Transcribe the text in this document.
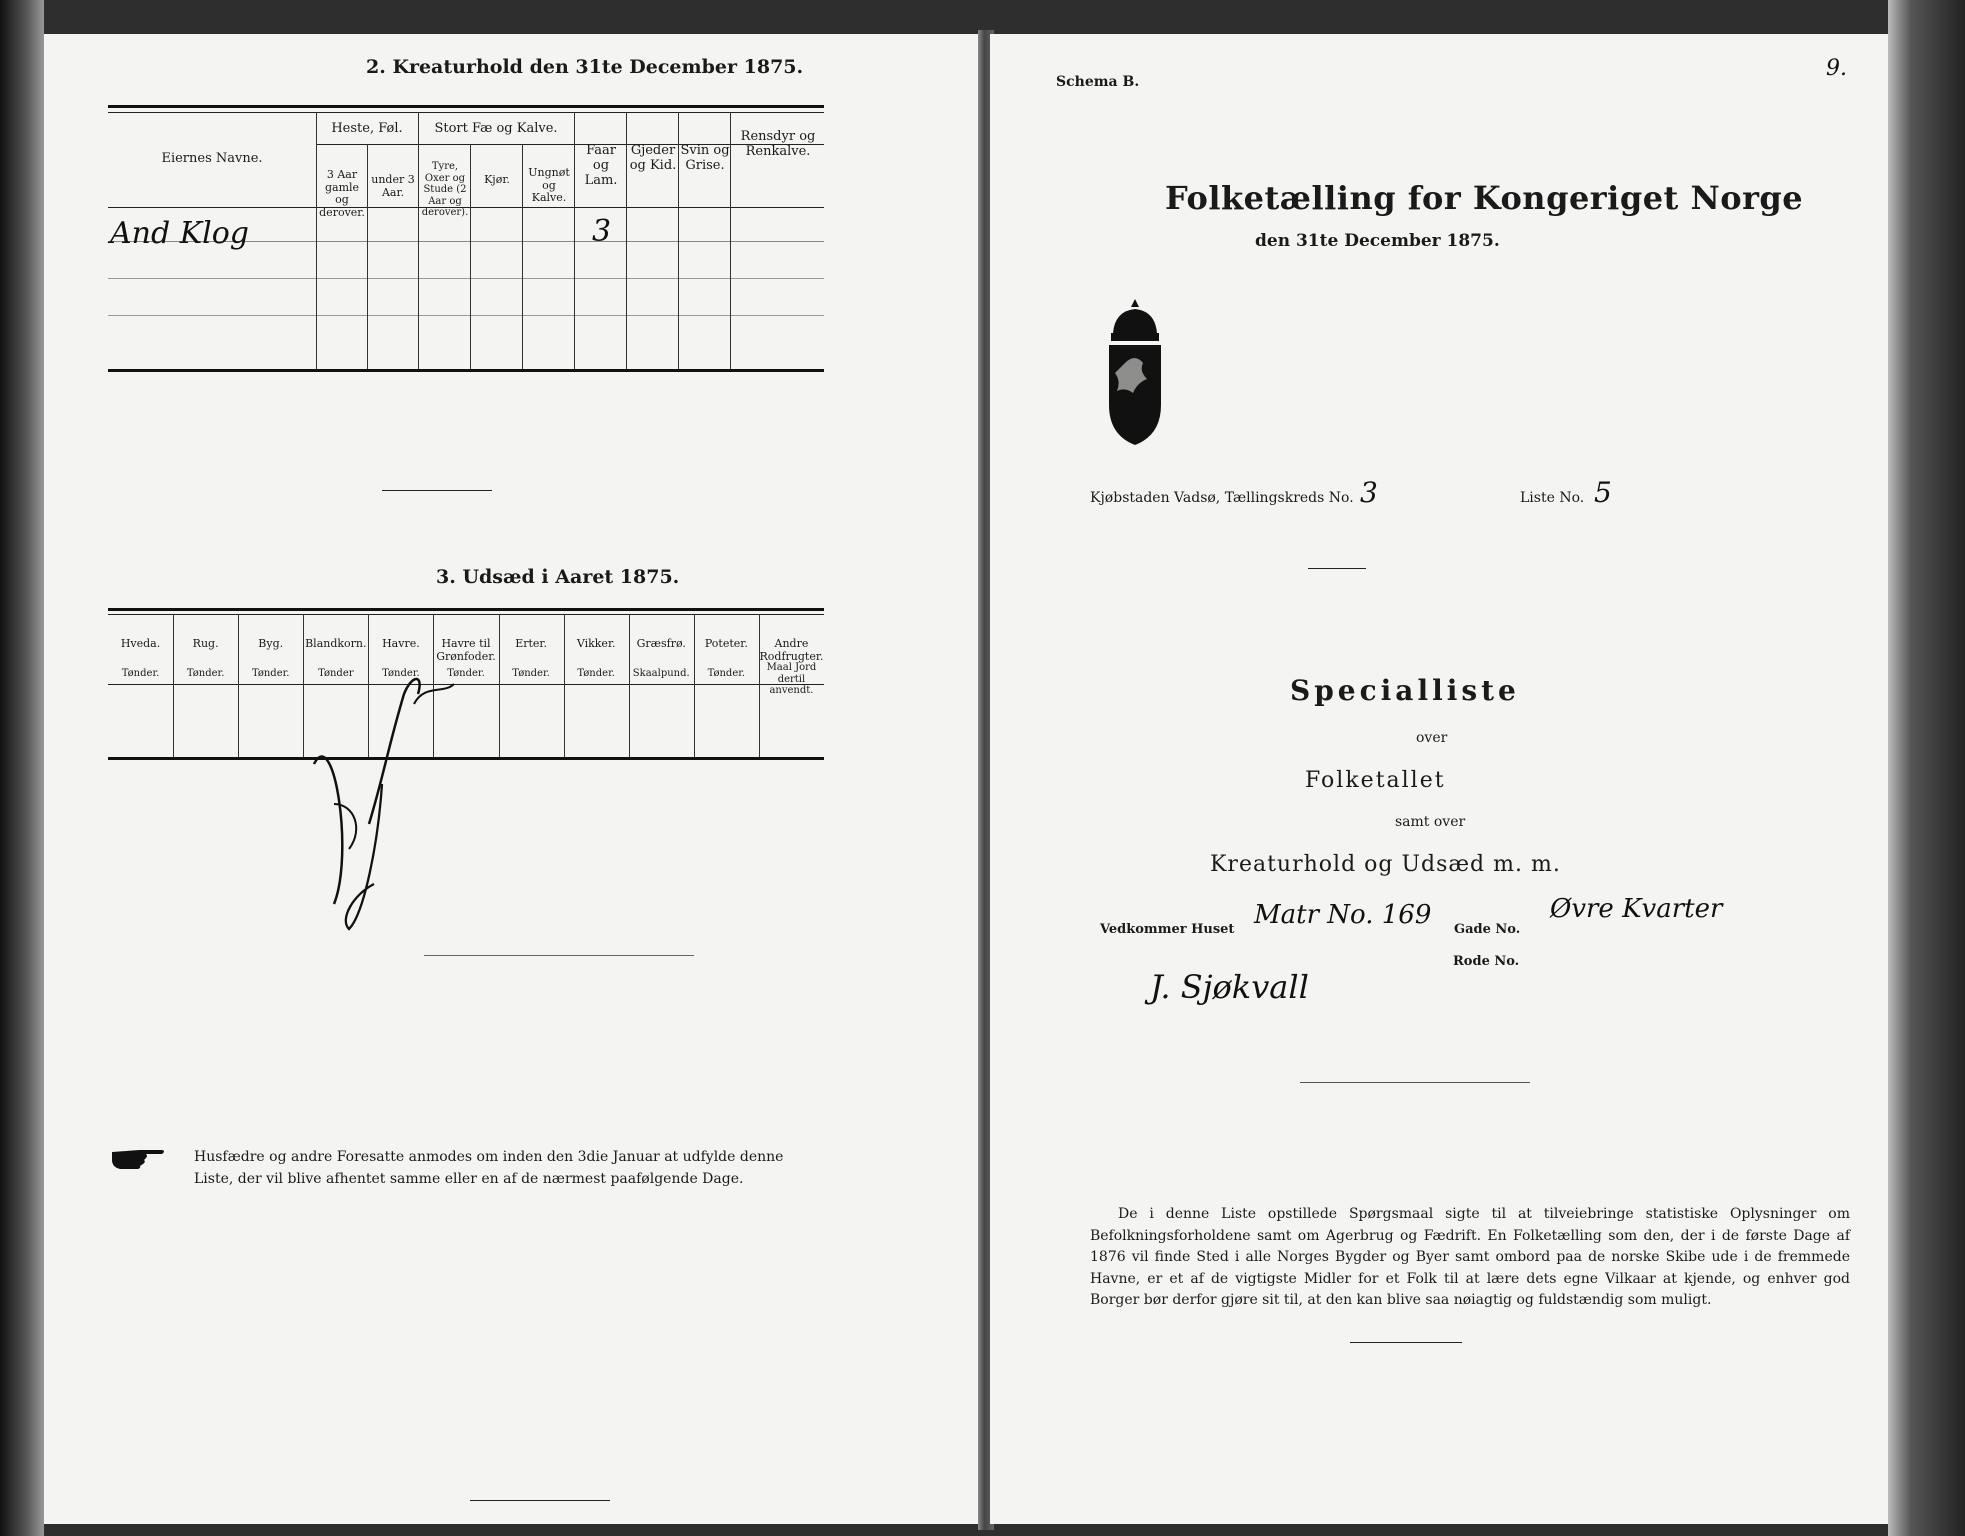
2. Kreaturhold den 31te December 1875.
Eiernes Navne.
Heste, Føl.
3 Aar gamle og derover.
under 3 Aar.
Stort Fæ og Kalve.
Tyre, Oxer og Stude (2 Aar og derover).
Kjør.
Ungnøt og Kalve.
Faar og Lam.
Gjeder og Kid.
Svin og Grise.
Rensdyr og Renkalve.
And Klog	3
3. Udsæd i Aaret 1875.
Hveda.
Tønder.
Rug.
Tønder.
Byg.
Tønder.
Blandkorn.
Tønder
Havre.
Tønder.
Havre til Grønfoder.
Tønder.
Erter.
Tønder.
Vikker.
Tønder.
Græsfrø.
Skaalpund.
Poteter.
Tønder.
Andre Rodfrugter.
Maal Jord dertil anvendt.
Husfædre og andre Foresatte anmodes om inden den 3die Januar at udfylde denne Liste, der vil blive afhentet samme eller en af de nærmest paafølgende Dage.
Schema B.
9.
Folketælling for Kongeriget Norge
den 31te December 1875.
Kjøbstaden Vadsø, Tællingskreds No. 3	Liste No. 5
Specialliste
over
Folketallet
samt over
Kreaturhold og Udsæd m. m.
Vedkommer Huset Matr No. 169 Gade No.
Øvre Kvarter
Rode No.
J. Sjøkvall
De i denne Liste opstillede Spørgsmaal sigte til at tilveiebringe statistiske Oplysninger om Befolkningsforholdene samt om Agerbrug og Fædrift. En Folketælling som den, der i de første Dage af 1876 vil finde Sted i alle Norges Bygder og Byer samt ombord paa de norske Skibe ude i de fremmede Havne, er et af de vigtigste Midler for et Folk til at lære dets egne Vilkaar at kjende, og enhver god Borger bør derfor gjøre sit til, at den kan blive saa nøiagtig og fuldstændig som muligt.
